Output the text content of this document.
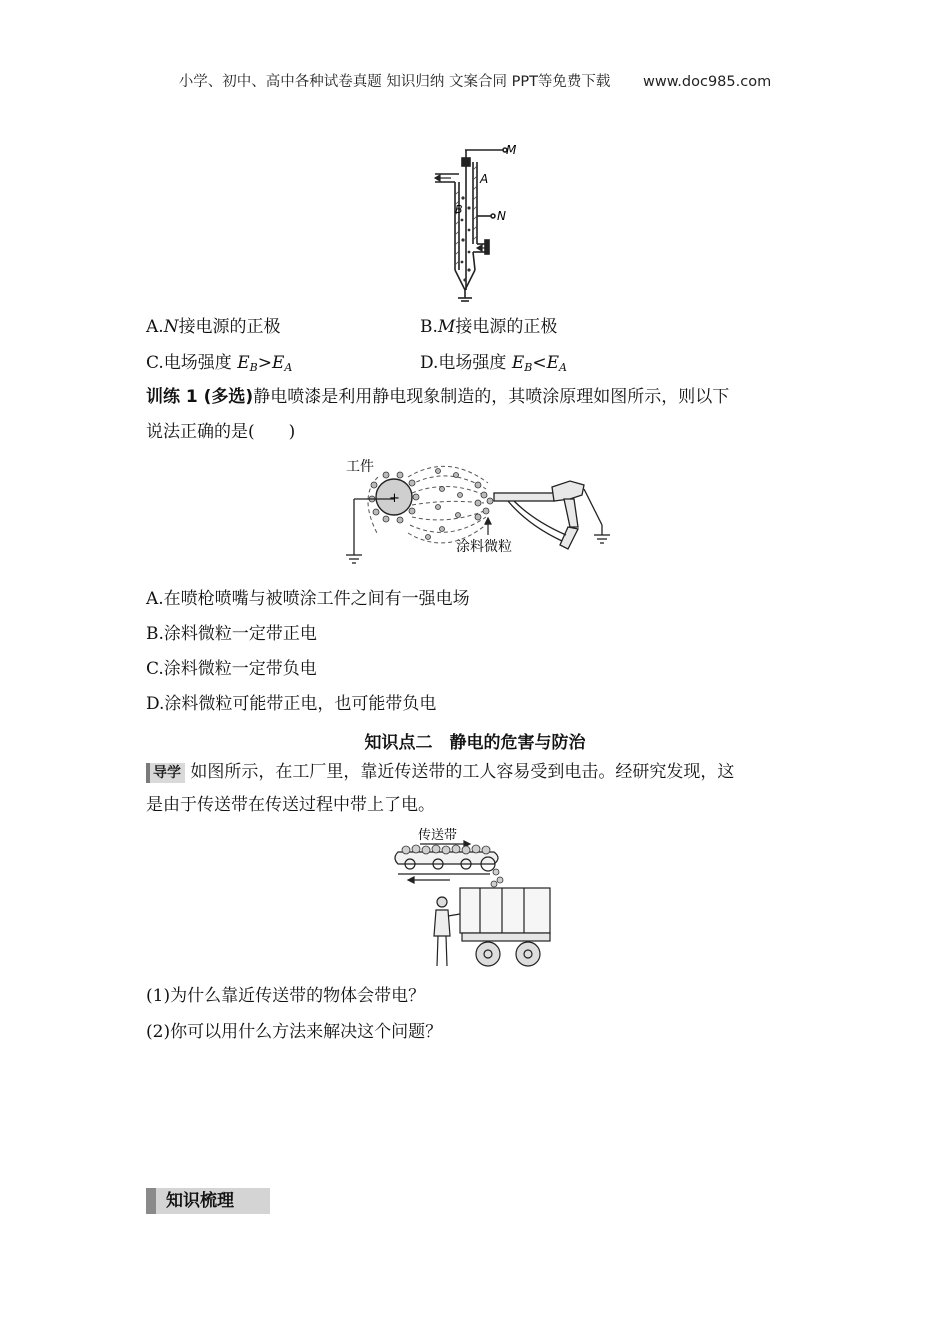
小学、初中、高中各种试卷真题 知识归纳 文案合同 PPT等免费下载 www.doc985.com
M
A
B	N
A.N接电源的正极	B.M接电源的正极
C.电场强度 $E_B>E_A$	D.电场强度 $E_B<E_A$
训练 1 (多选)静电喷漆是利用静电现象制造的，其喷涂原理如图所示，则以下
说法正确的是(　　)
+
工件
涂料微粒
A.在喷枪喷嘴与被喷涂工件之间有一强电场
B.涂料微粒一定带正电
C.涂料微粒一定带负电
D.涂料微粒可能带正电，也可能带负电
知识点二　静电的危害与防治
导学 如图所示，在工厂里，靠近传送带的工人容易受到电击。经研究发现，这
是由于传送带在传送过程中带上了电。
传送带
(1)为什么靠近传送带的物体会带电？
(2)你可以用什么方法来解决这个问题？
知识梳理
